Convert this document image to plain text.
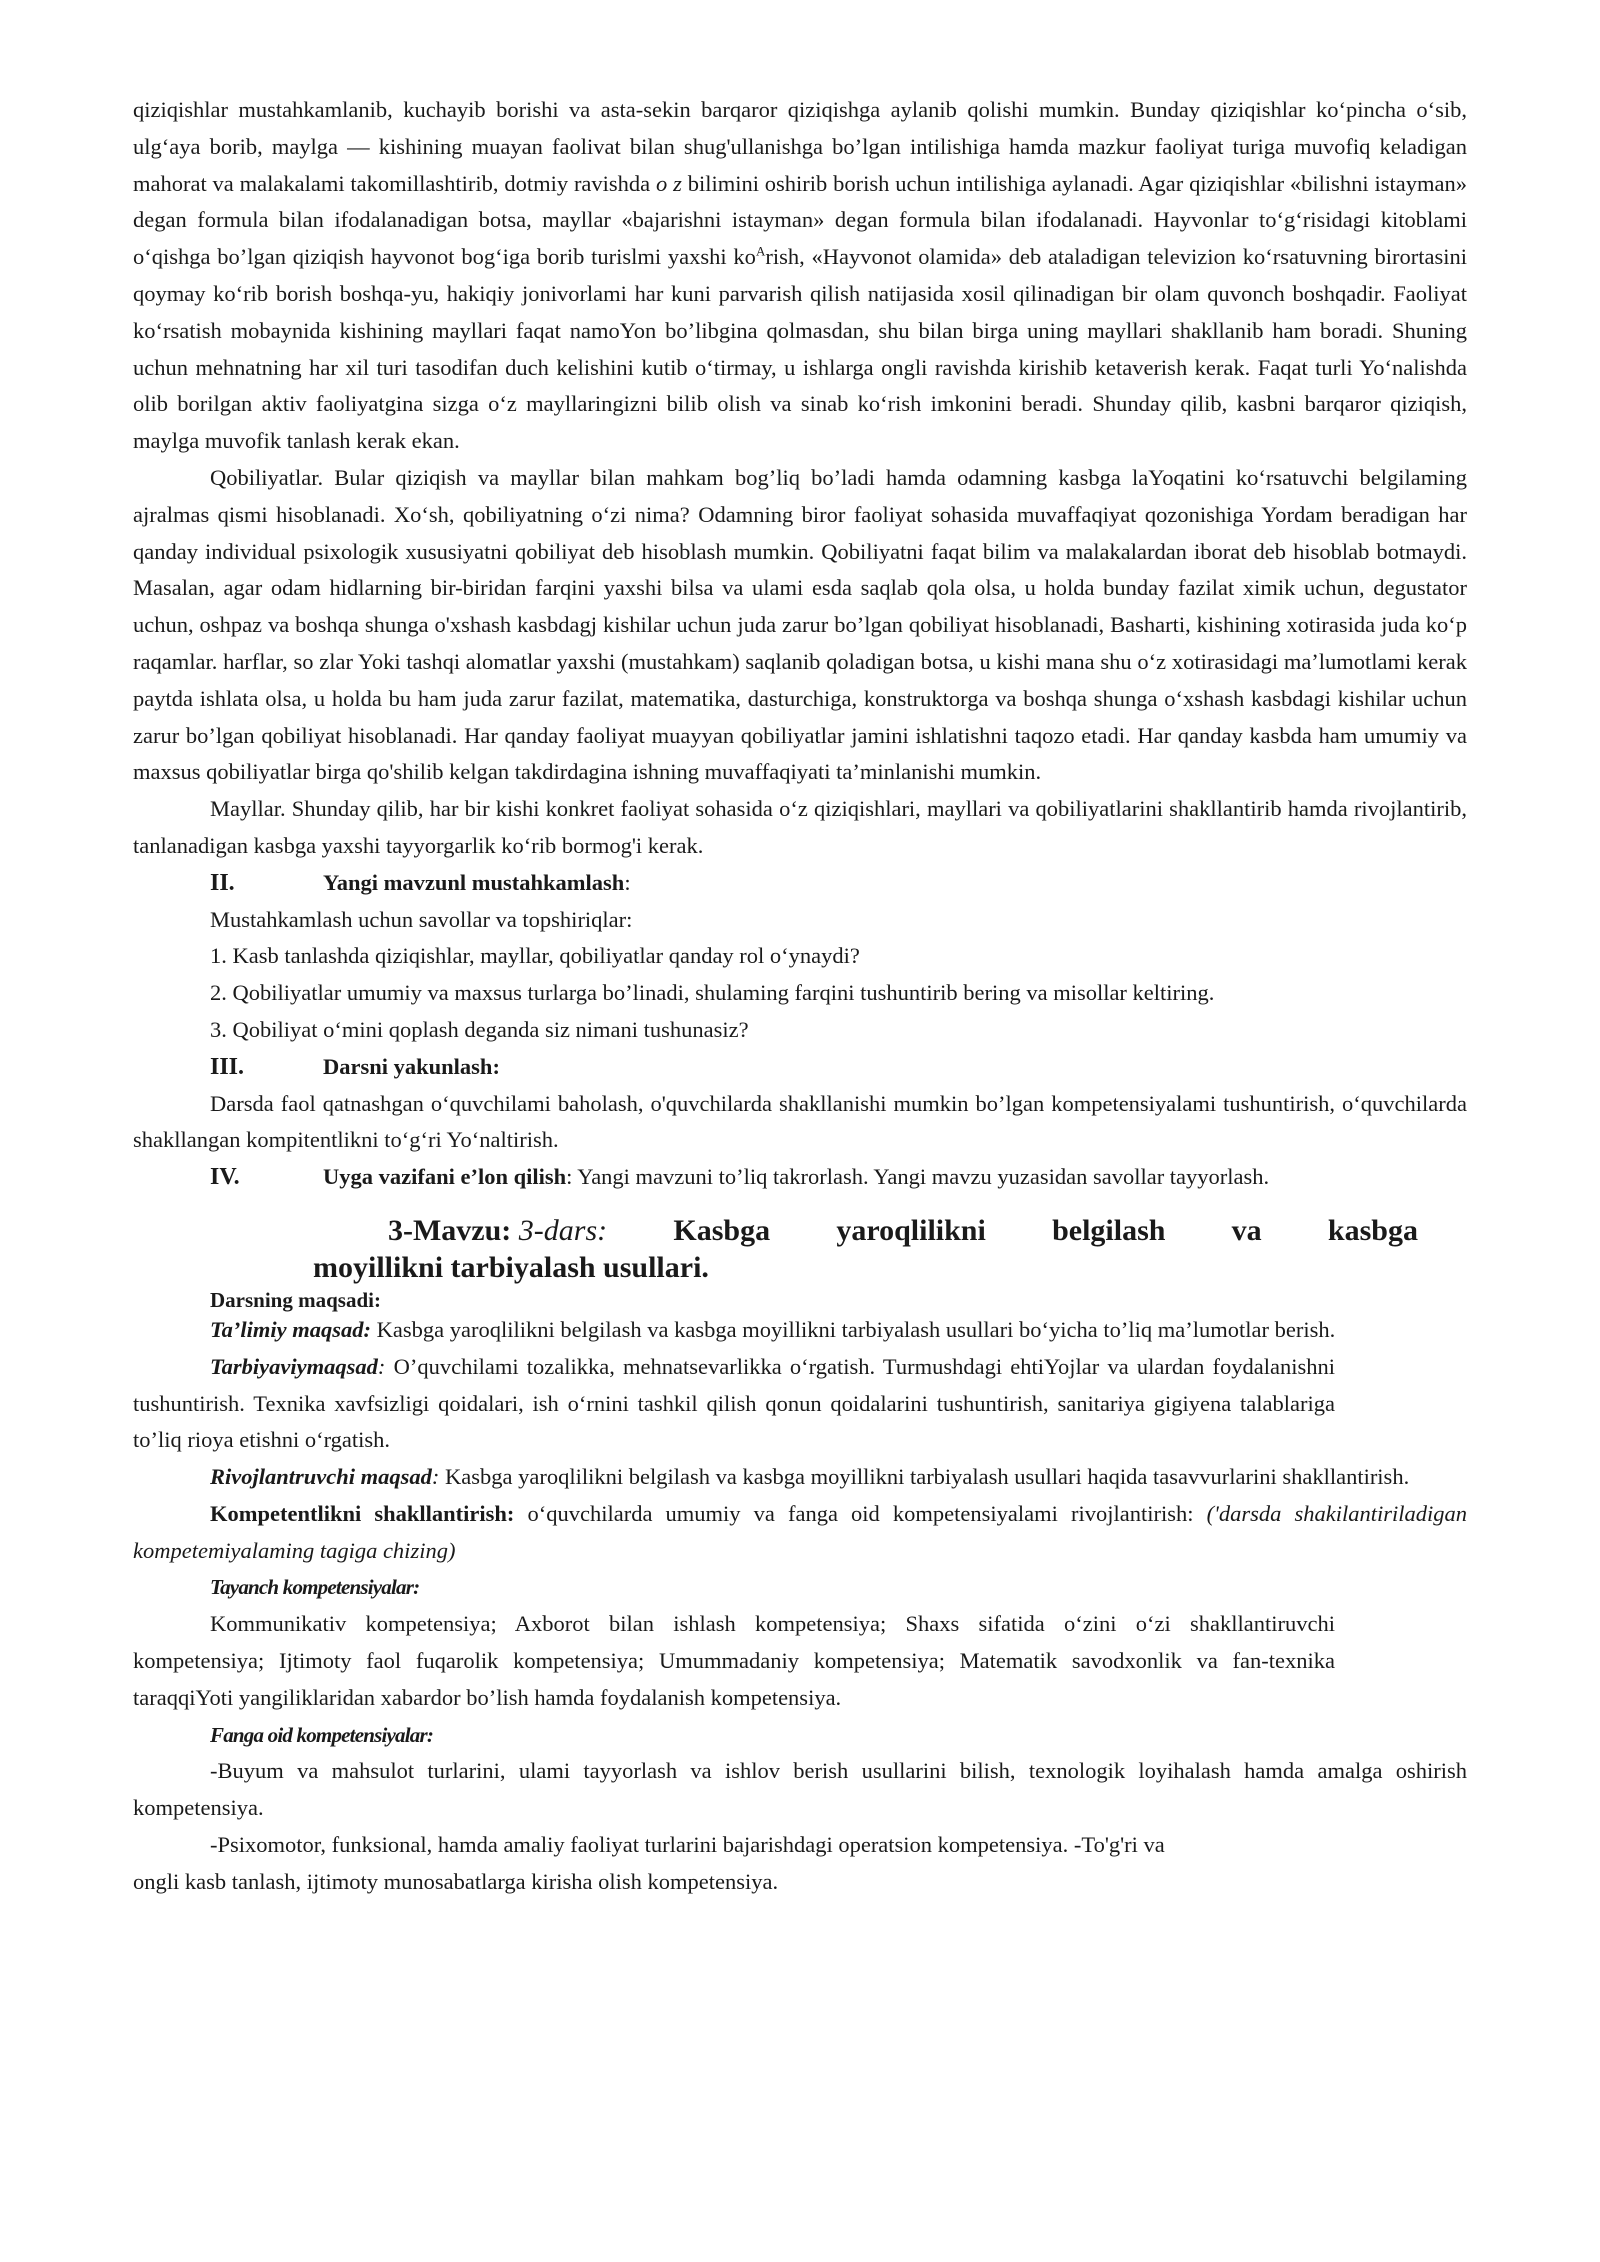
qiziqishlar mustahkamlanib, kuchayib borishi va asta-sekin barqaror qiziqishga aylanib qolishi mumkin. Bunday qiziqishlar ko‘pincha o‘sib, ulg‘aya borib, maylga — kishining muayan faolivat bilan shug'ullanishga bo’lgan intilishiga hamda mazkur faoliyat turiga muvofiq keladigan mahorat va malakalami takomillashtirib, dotmiy ravishda o z bilimini oshirib borish uchun intilishiga aylanadi. Agar qiziqishlar «bilishni istayman» degan formula bilan ifodalanadigan botsa, mayllar «bajarishni istayman» degan formula bilan ifodalanadi. Hayvonlar to‘g‘risidagi kitoblami o‘qishga bo’lgan qiziqish hayvonot bog‘iga borib turislmi yaxshi $ko^Arish$, «Hayvonot olamida» deb ataladigan televizion ko‘rsatuvning birortasini qoymay ko‘rib borish boshqa-yu, hakiqiy jonivorlami har kuni parvarish qilish natijasida xosil qilinadigan bir olam quvonch boshqadir. Faoliyat ko‘rsatish mobaynida kishining mayllari faqat namoYon bo’libgina qolmasdan, shu bilan birga uning mayllari shakllanib ham boradi. Shuning uchun mehnatning har xil turi tasodifan duch kelishini kutib o‘tirmay, u ishlarga ongli ravishda kirishib ketaverish kerak. Faqat turli Yo‘nalishda olib borilgan aktiv faoliyatgina sizga o‘z mayllaringizni bilib olish va sinab ko‘rish imkonini beradi. Shunday qilib, kasbni barqaror qiziqish, maylga muvofik tanlash kerak ekan.

Qobiliyatlar. Bular qiziqish va mayllar bilan mahkam bog’liq bo’ladi hamda odamning kasbga laYoqatini ko‘rsatuvchi belgilaming ajralmas qismi hisoblanadi. Xo‘sh, qobiliyatning o‘zi nima? Odamning biror faoliyat sohasida muvaffaqiyat qozonishiga Yordam beradigan har qanday individual psixologik xususiyatni qobiliyat deb hisoblash mumkin. Qobiliyatni faqat bilim va malakalardan iborat deb hisoblab botmaydi. Masalan, agar odam hidlarning bir-biridan farqini yaxshi bilsa va ulami esda saqlab qola olsa, u holda bunday fazilat ximik uchun, degustator uchun, oshpaz va boshqa shunga o'xshash kasbdagj kishilar uchun juda zarur bo’lgan qobiliyat hisoblanadi, Basharti, kishining xotirasida juda ko‘p raqamlar. harflar, so zlar Yoki tashqi alomatlar yaxshi (mustahkam) saqlanib qoladigan botsa, u kishi mana shu o‘z xotirasidagi ma’lumotlami kerak paytda ishlata olsa, u holda bu ham juda zarur fazilat, matematika, dasturchiga, konstruktorga va boshqa shunga o‘xshash kasbdagi kishilar uchun zarur bo’lgan qobiliyat hisoblanadi. Har qanday faoliyat muayyan qobiliyatlar jamini ishlatishni taqozo etadi. Har qanday kasbda ham umumiy va maxsus qobiliyatlar birga qo'shilib kelgan takdirdagina ishning muvaffaqiyati ta’minlanishi mumkin.

Mayllar. Shunday qilib, har bir kishi konkret faoliyat sohasida o‘z qiziqishlari, mayllari va qobiliyatlarini shakllantirib hamda rivojlantirib, tanlanadigan kasbga yaxshi tayyorgarlik ko‘rib bormog'i kerak.

II.	Yangi mavzunl mustahkamlash:
Mustahkamlash uchun savollar va topshiriqlar:
1. Kasb tanlashda qiziqishlar, mayllar, qobiliyatlar qanday rol o‘ynaydi?
2. Qobiliyatlar umumiy va maxsus turlarga bo’linadi, shulaming farqini tushuntirib bering va misollar keltiring.
3. Qobiliyat o‘mini qoplash deganda siz nimani tushunasiz?
III.	Darsni yakunlash:

Darsda faol qatnashgan o‘quvchilami baholash, o'quvchilarda shakllanishi mumkin bo’lgan kompetensiyalami tushuntirish, o‘quvchilarda shakllangan kompitentlikni to‘g‘ri Yo‘naltirish.

IV.	Uyga vazifani e’lon qilish: Yangi mavzuni to’liq takrorlash. Yangi mavzu yuzasidan savollar tayyorlash.
3-Mavzu: 3-dars: Kasbga yaroqlilikni belgilash va kasbga
moyillikni tarbiyalash usullari.
Darsning maqsadi:

Ta’limiy maqsad: Kasbga yaroqlilikni belgilash va kasbga moyillikni tarbiyalash usullari bo‘yicha to’liq ma’lumotlar berish.

Tarbiyaviymaqsad: O’quvchilami tozalikka, mehnatsevarlikka o‘rgatish. Turmushdagi ehtiYojlar va ulardan foydalanishni tushuntirish. Texnika xavfsizligi qoidalari, ish o‘rnini tashkil qilish qonun qoidalarini tushuntirish, sanitariya gigiyena talablariga to’liq rioya etishni o‘rgatish.

Rivojlantruvchi maqsad: Kasbga yaroqlilikni belgilash va kasbga moyillikni tarbiyalash usullari haqida tasavvurlarini shakllantirish.

Kompetentlikni shakllantirish: o‘quvchilarda umumiy va fanga oid kompetensiyalami rivojlantirish: ('darsda shakilantiriladigan kompetemiyalaming tagiga chizing)

Tayanch kompetensiyalar:

Kommunikativ kompetensiya; Axborot bilan ishlash kompetensiya; Shaxs sifatida o‘zini o‘zi shakllantiruvchi kompetensiya; Ijtimoty faol fuqarolik kompetensiya; Umummadaniy kompetensiya; Matematik savodxonlik va fan-texnika taraqqiYoti yangiliklaridan xabardor bo’lish hamda foydalanish kompetensiya.

Fanga oid kompetensiyalar:

-Buyum va mahsulot turlarini, ulami tayyorlash va ishlov berish usullarini bilish, texnologik loyihalash hamda amalga oshirish kompetensiya.

-Psixomotor, funksional, hamda amaliy faoliyat turlarini bajarishdagi operatsion kompetensiya. -To'g'ri va
ongli kasb tanlash, ijtimoty munosabatlarga kirisha olish kompetensiya.
